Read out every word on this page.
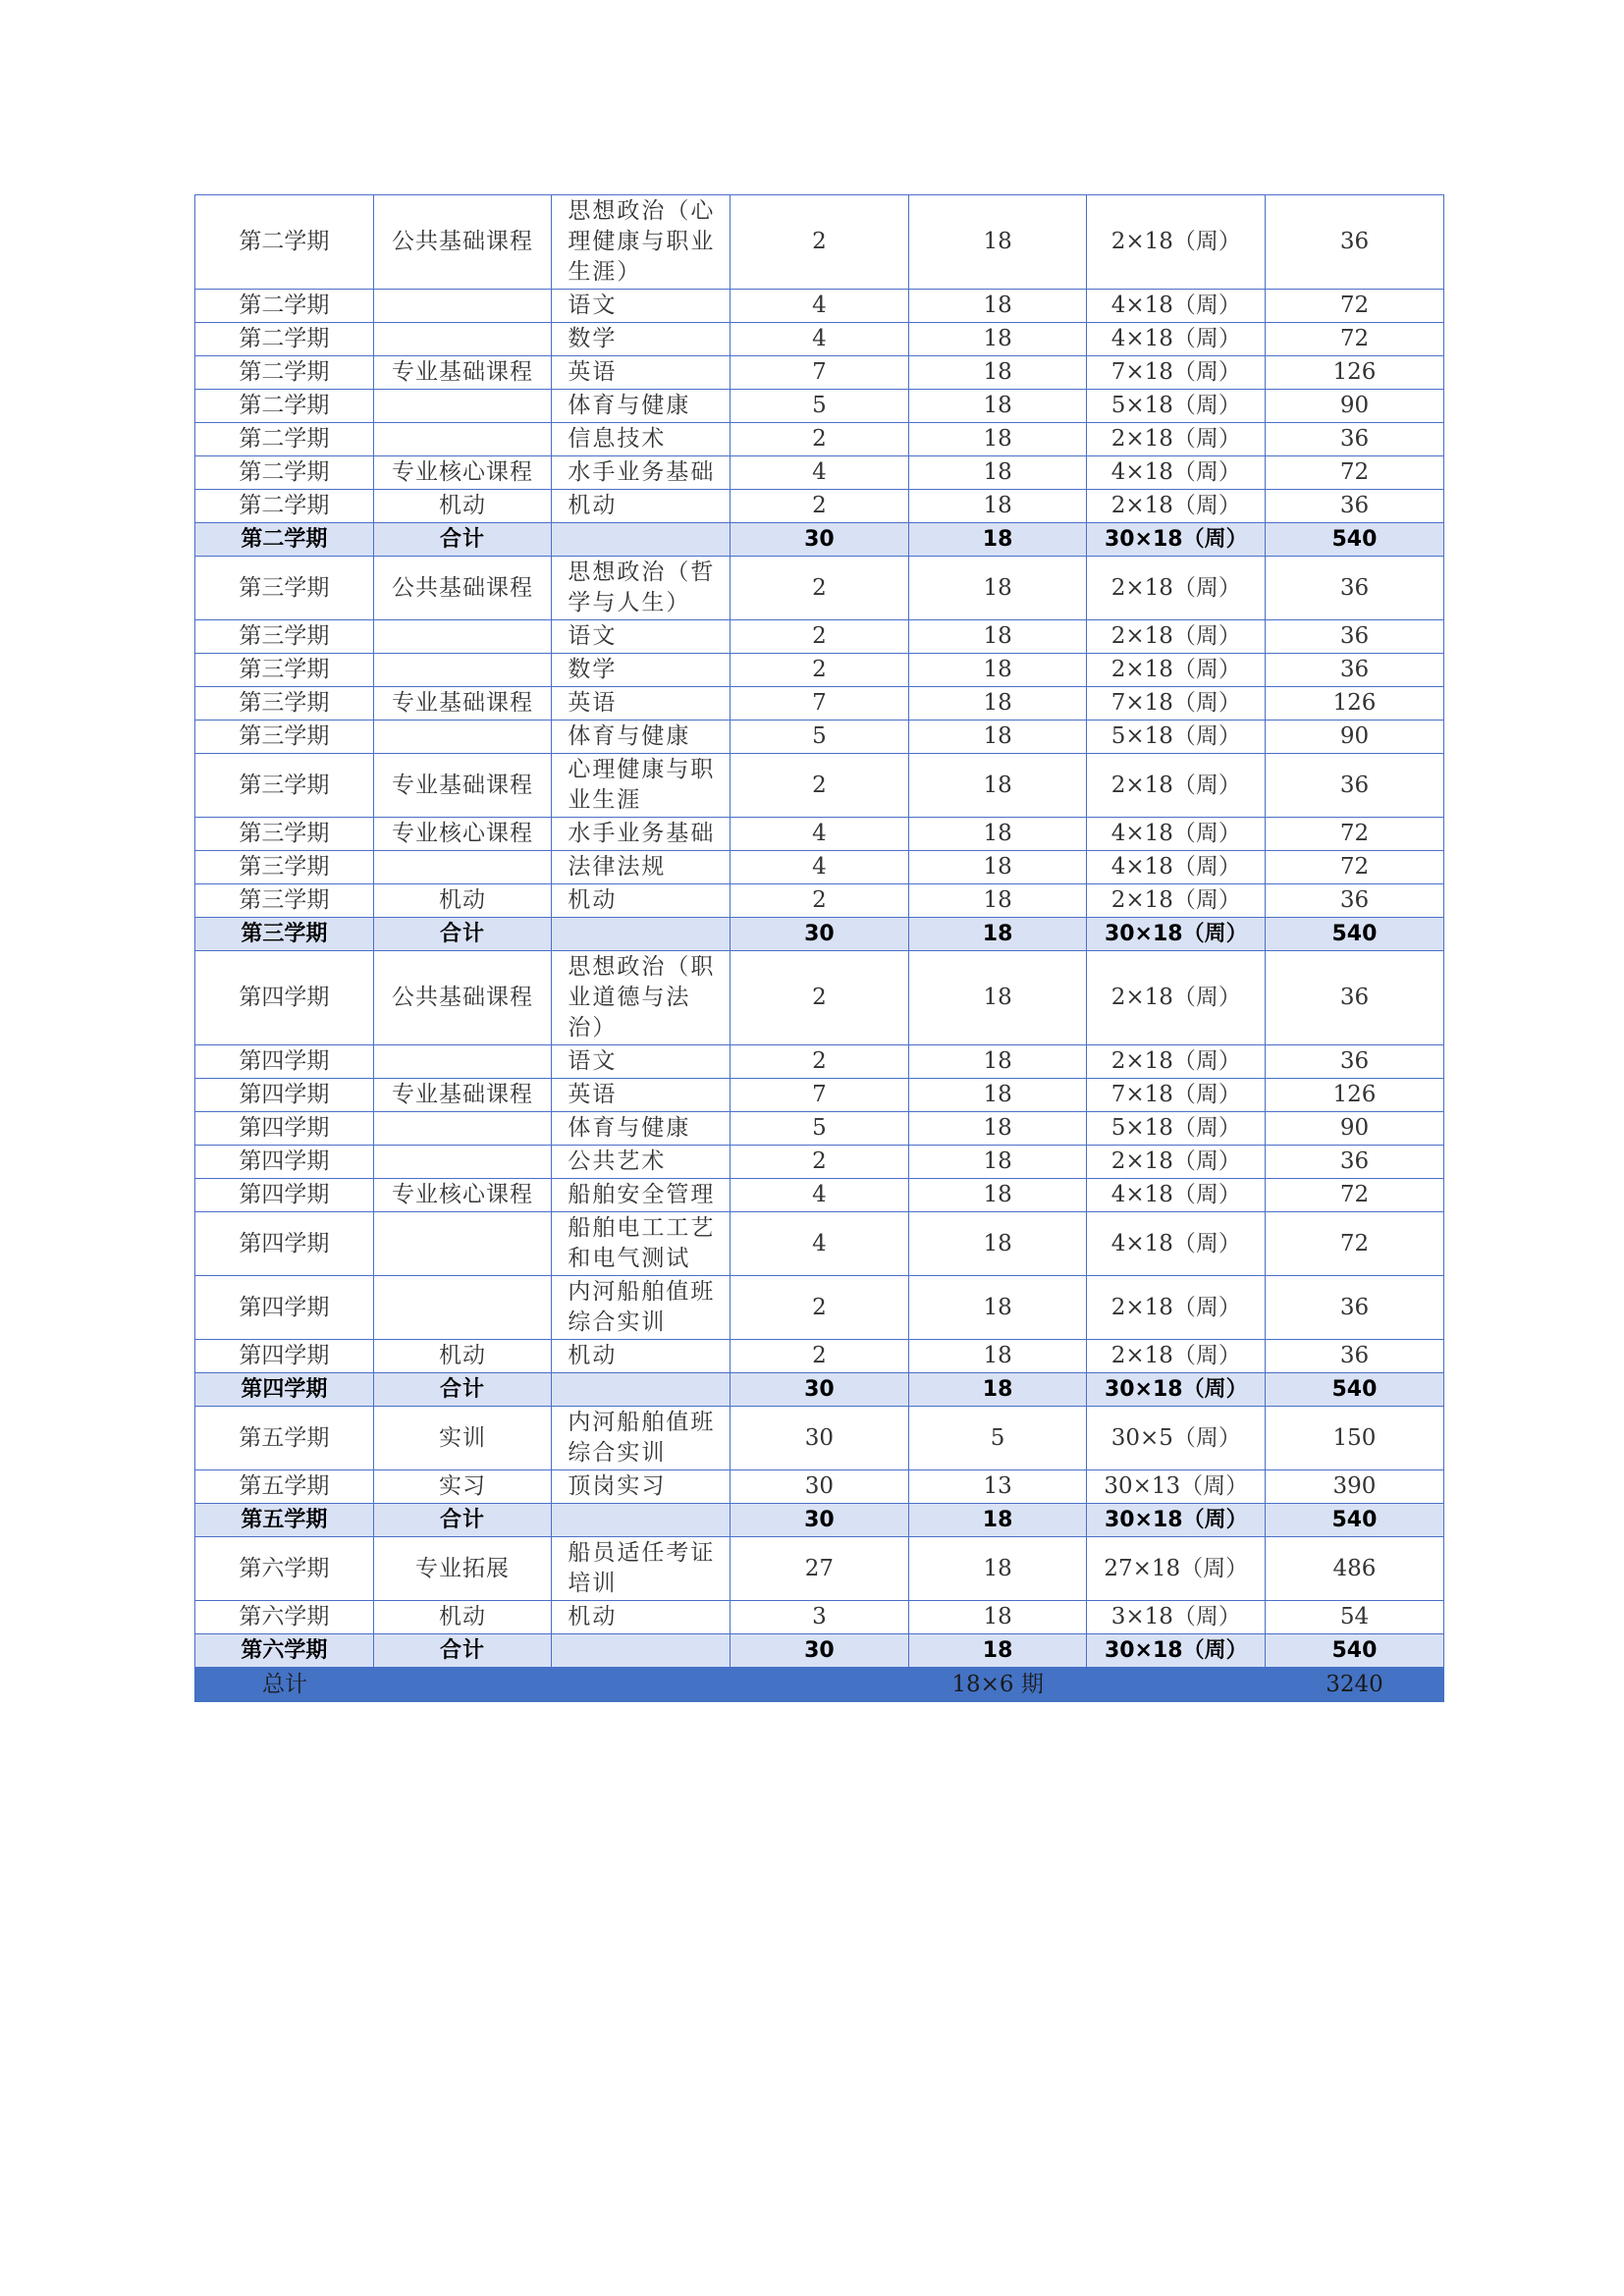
第二学期	公共基础课程	思想政治（心理健康与职业生涯）	2	18	2×18（周）	36
第二学期		语文	4	18	4×18（周）	72
第二学期		数学	4	18	4×18（周）	72
第二学期	专业基础课程	英语	7	18	7×18（周）	126
第二学期		体育与健康	5	18	5×18（周）	90
第二学期		信息技术	2	18	2×18（周）	36
第二学期	专业核心课程	水手业务基础	4	18	4×18（周）	72
第二学期	机动	机动	2	18	2×18（周）	36
第二学期	合计		30	18	30×18（周）	540
第三学期	公共基础课程	思想政治（哲学与人生）	2	18	2×18（周）	36
第三学期		语文	2	18	2×18（周）	36
第三学期		数学	2	18	2×18（周）	36
第三学期	专业基础课程	英语	7	18	7×18（周）	126
第三学期		体育与健康	5	18	5×18（周）	90
第三学期	专业基础课程	心理健康与职业生涯	2	18	2×18（周）	36
第三学期	专业核心课程	水手业务基础	4	18	4×18（周）	72
第三学期		法律法规	4	18	4×18（周）	72
第三学期	机动	机动	2	18	2×18（周）	36
第三学期	合计		30	18	30×18（周）	540
第四学期	公共基础课程	思想政治（职业道德与法治）	2	18	2×18（周）	36
第四学期		语文	2	18	2×18（周）	36
第四学期	专业基础课程	英语	7	18	7×18（周）	126
第四学期		体育与健康	5	18	5×18（周）	90
第四学期		公共艺术	2	18	2×18（周）	36
第四学期	专业核心课程	船舶安全管理	4	18	4×18（周）	72
第四学期		船舶电工工艺和电气测试	4	18	4×18（周）	72
第四学期		内河船舶值班综合实训	2	18	2×18（周）	36
第四学期	机动	机动	2	18	2×18（周）	36
第四学期	合计		30	18	30×18（周）	540
第五学期	实训	内河船舶值班综合实训	30	5	30×5（周）	150
第五学期	实习	顶岗实习	30	13	30×13（周）	390
第五学期	合计		30	18	30×18（周）	540
第六学期	专业拓展	船员适任考证培训	27	18	27×18（周）	486
第六学期	机动	机动	3	18	3×18（周）	54
第六学期	合计		30	18	30×18（周）	540
总计				18×6 期		3240
